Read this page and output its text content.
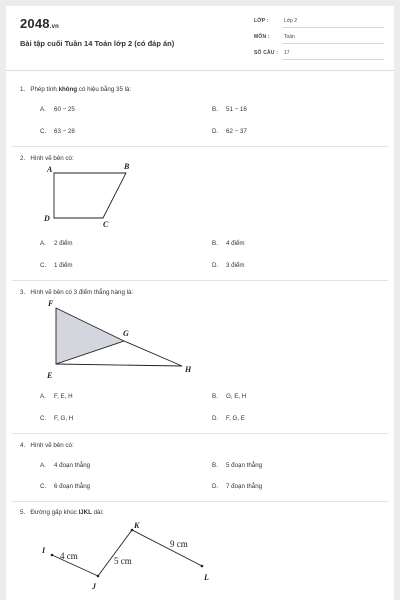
2048.vn
Bài tập cuối Tuần 14 Toán lớp 2 (có đáp án)
LỚP :	Lớp 2
MÔN :	Toán
SỐ CÂU : 17
1. Phép tính không có hiệu bằng 35 là:
A. 60 − 25	B. 51 − 16
C. 63 − 28	D. 62 − 37
2. Hình vẽ bên có:
A	B
C
D
A. 2 điểm	B. 4 điểm
C. 1 điểm	D. 3 điểm
3. Hình vẽ bên có 3 điểm thẳng hàng là:
F
G
E
H
A. F, E, H	B. G, E, H
C. F, G, H	D. F, G, E
4. Hình vẽ bên có:
A. 4 đoạn thẳng	B. 5 đoạn thẳng
C. 6 đoạn thẳng	D. 7 đoạn thẳng
5. Đường gấp khúc IJKL dài:
I
J
K
L
4 cm	5 cm
9 cm
